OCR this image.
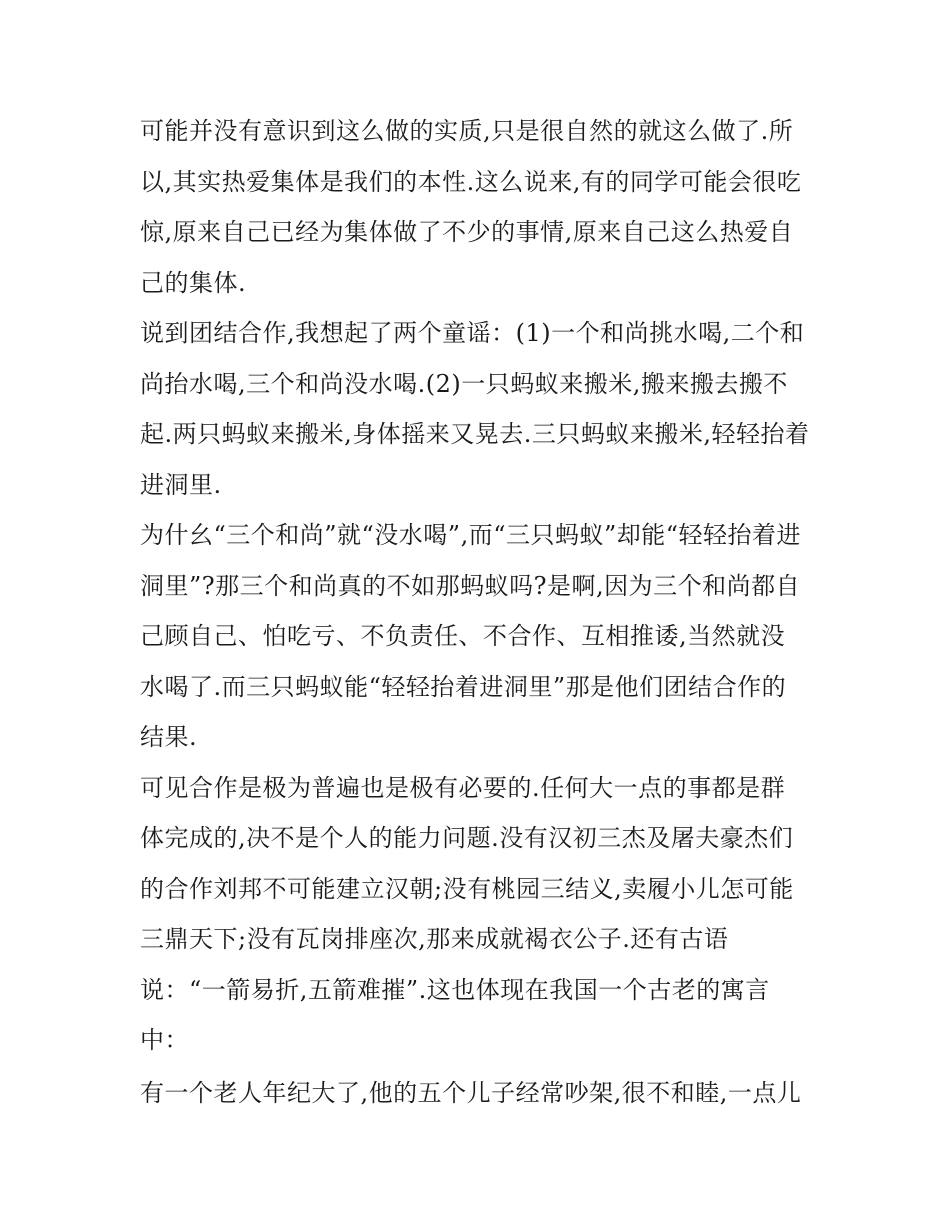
可能并没有意识到这么做的实质,只是很自然的就这么做了.所
以,其实热爱集体是我们的本性.这么说来,有的同学可能会很吃
惊,原来自己已经为集体做了不少的事情,原来自己这么热爱自
己的集体.
说到团结合作,我想起了两个童谣：(1)一个和尚挑水喝,二个和
尚抬水喝,三个和尚没水喝.(2)一只蚂蚁来搬米,搬来搬去搬不
起.两只蚂蚁来搬米,身体摇来又晃去.三只蚂蚁来搬米,轻轻抬着
进洞里.
为什幺“三个和尚”就“没水喝”,而“三只蚂蚁”却能“轻轻抬着进
洞里”?那三个和尚真的不如那蚂蚁吗?是啊,因为三个和尚都自
己顾自己、怕吃亏、不负责任、不合作、互相推诿,当然就没
水喝了.而三只蚂蚁能“轻轻抬着进洞里”那是他们团结合作的
结果.
可见合作是极为普遍也是极有必要的.任何大一点的事都是群
体完成的,决不是个人的能力问题.没有汉初三杰及屠夫豪杰们
的合作刘邦不可能建立汉朝;没有桃园三结义,卖履小儿怎可能
三鼎天下;没有瓦岗排座次,那来成就褐衣公子.还有古语
说：“一箭易折,五箭难摧”.这也体现在我国一个古老的寓言
中：
有一个老人年纪大了,他的五个儿子经常吵架,很不和睦,一点儿
